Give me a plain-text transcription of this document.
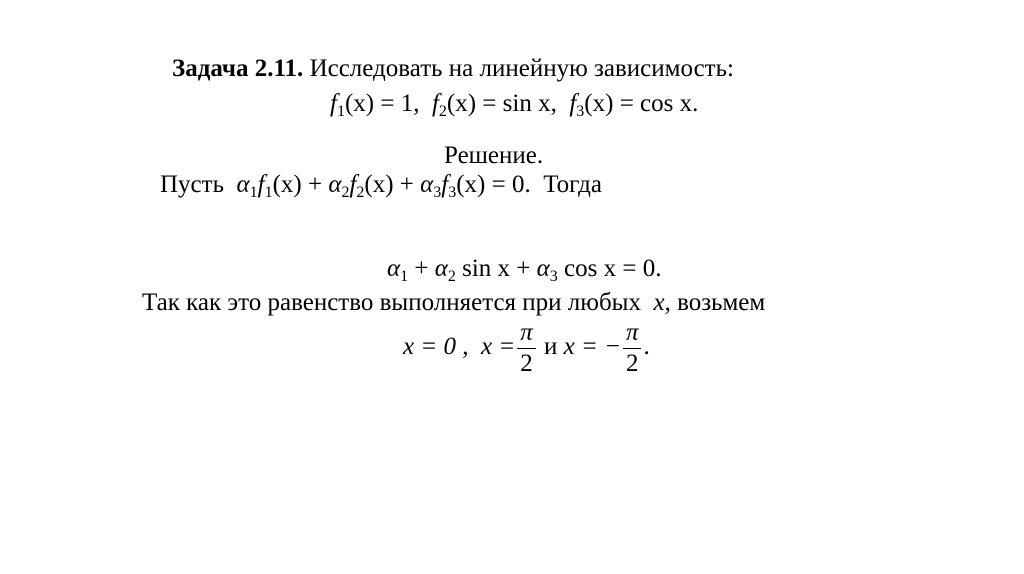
Задача 2.11. Исследовать на линейную зависимость:
$f_1(x) = 1$, $f_2(x) = \sin x$, $f_3(x) = \cos x$.
Решение.
Пусть $\alpha_1f_1(x) + \alpha_2f_2(x) + \alpha_3f_3(x) = 0$. Тогда
$\alpha_1 + \alpha_2$ $\sin x + \alpha_3$ cos x = 0.
Так как это равенство выполняется при любых x, возьмем
x = 0 , $x = \frac{\pi}{2}$ и x = − $\frac{\pi}{2}$ .
